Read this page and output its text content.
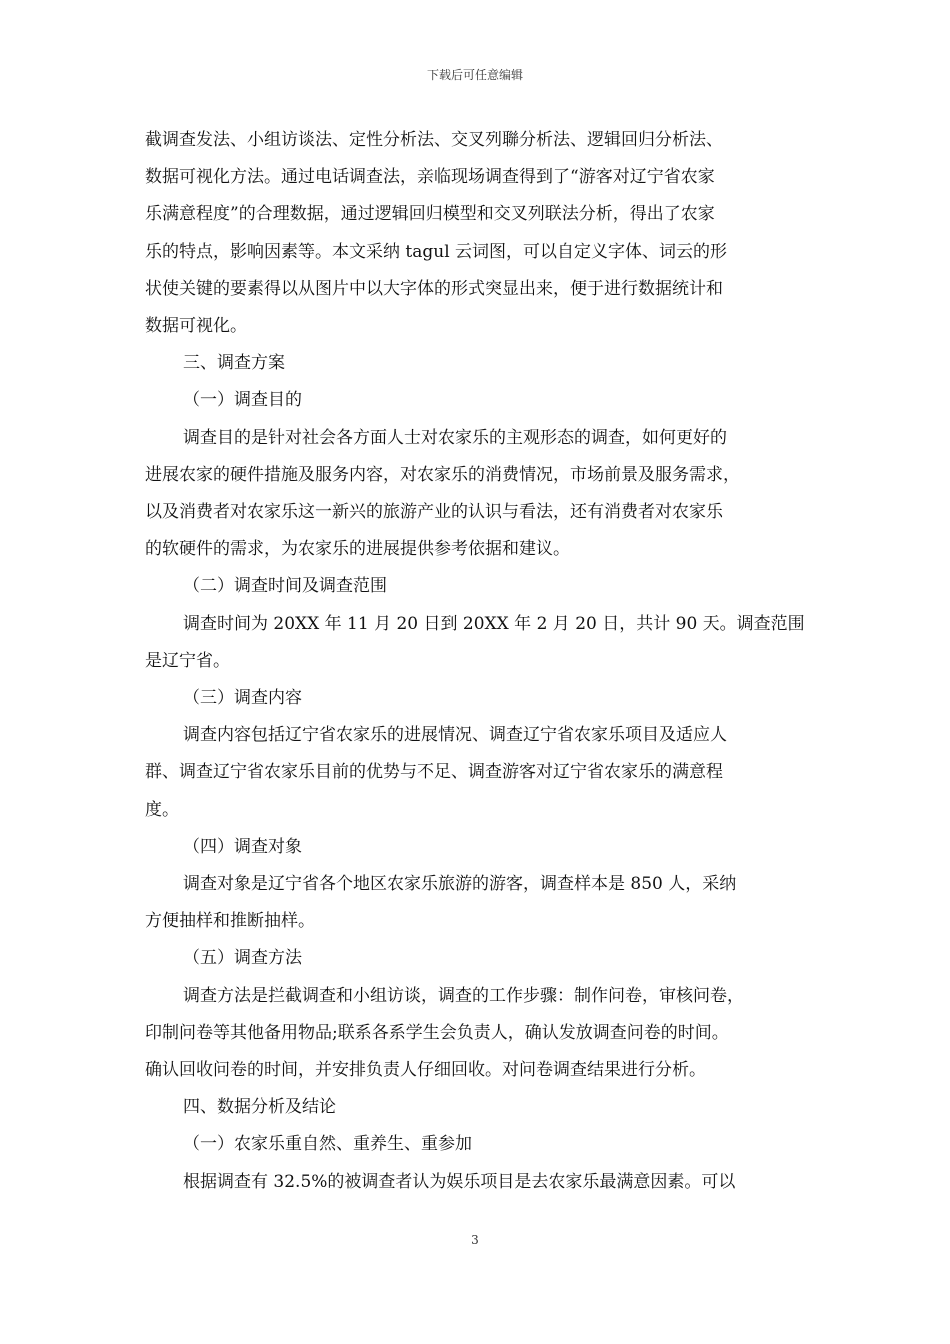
下载后可任意编辑

截调查发法、小组访谈法、定性分析法、交叉列聯分析法、逻辑回归分析法、

数据可视化方法。通过电话调查法，亲临现场调查得到了“游客对辽宁省农家

乐满意程度”的合理数据，通过逻辑回归模型和交叉列联法分析，得出了农家

乐的特点，影响因素等。本文采纳 tagul 云词图，可以自定义字体、词云的形

状使关键的要素得以从图片中以大字体的形式突显出来，便于进行数据统计和

数据可视化。

三、调查方案

（一）调查目的

调查目的是针对社会各方面人士对农家乐的主观形态的调查，如何更好的

进展农家的硬件措施及服务内容，对农家乐的消费情况，市场前景及服务需求，

以及消费者对农家乐这一新兴的旅游产业的认识与看法，还有消费者对农家乐

的软硬件的需求，为农家乐的进展提供参考依据和建议。

（二）调查时间及调查范围

调查时间为 20XX 年 11 月 20 日到 20XX 年 2 月 20 日，共计 90 天。调查范围

是辽宁省。

（三）调查内容

调查内容包括辽宁省农家乐的进展情况、调查辽宁省农家乐项目及适应人

群、调查辽宁省农家乐目前的优势与不足、调查游客对辽宁省农家乐的满意程

度。

（四）调查对象

调查对象是辽宁省各个地区农家乐旅游的游客，调查样本是 850 人，采纳

方便抽样和推断抽样。

（五）调查方法

调查方法是拦截调查和小组访谈，调查的工作步骤：制作问卷，审核问卷，

印制问卷等其他备用物品;联系各系学生会负责人，确认发放调查问卷的时间。

确认回收问卷的时间，并安排负责人仔细回收。对问卷调查结果进行分析。

四、数据分析及结论

（一）农家乐重自然、重养生、重参加

根据调查有 32.5%的被调查者认为娱乐项目是去农家乐最满意因素。可以

3
